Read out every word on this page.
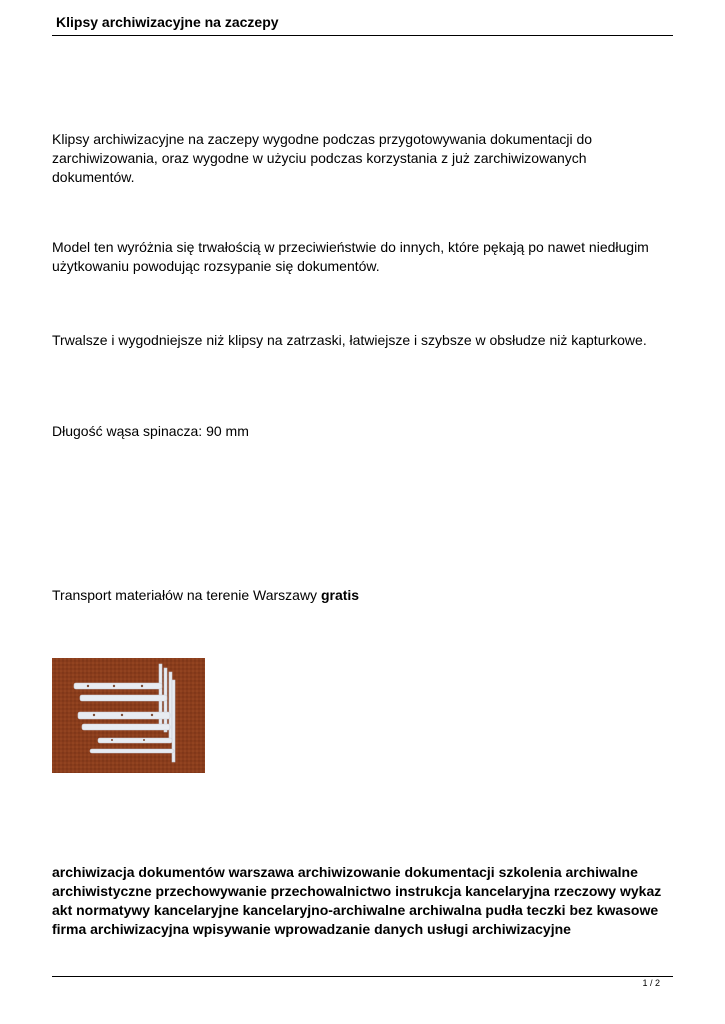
Klipsy archiwizacyjne na zaczepy
Klipsy archiwizacyjne na zaczepy wygodne podczas przygotowywania dokumentacji do zarchiwizowania, oraz wygodne w użyciu podczas korzystania z już zarchiwizowanych dokumentów.
Model ten wyróżnia się trwałością w przeciwieństwie do innych, które pękają po nawet niedługim użytkowaniu powodując rozsypanie się dokumentów.
Trwalsze i wygodniejsze niż klipsy na zatrzaski, łatwiejsze i szybsze w obsłudze niż kapturkowe.
Długość wąsa spinacza: 90 mm
Transport materiałów na terenie Warszawy gratis
archiwizacja dokumentów warszawa archiwizowanie dokumentacji szkolenia archiwalne archiwistyczne przechowywanie przechowalnictwo instrukcja kancelaryjna rzeczowy wykaz akt normatywy kancelaryjne kancelaryjno-archiwalne archiwalna pudła teczki bez kwasowe firma archiwizacyjna wpisywanie wprowadzanie danych usługi archiwizacyjne
1 / 2
